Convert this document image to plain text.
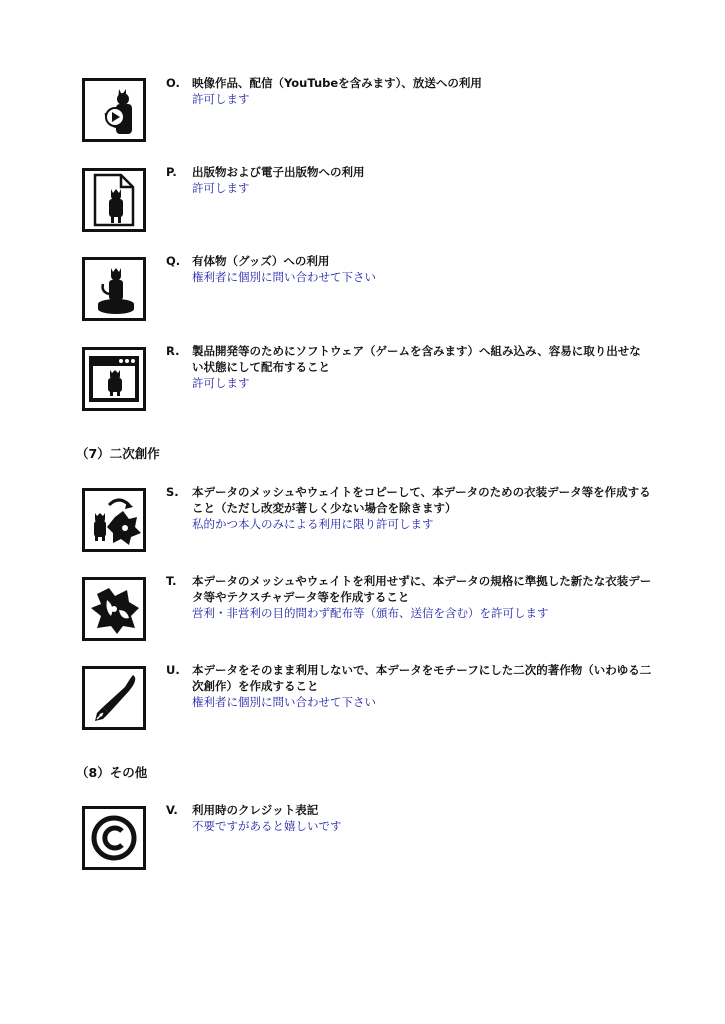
O. 映像作品、配信（YouTubeを含みます）、放送への利用
許可します
P. 出版物および電子出版物への利用
許可します
Q. 有体物（グッズ）への利用
権利者に個別に問い合わせて下さい
R. 製品開発等のためにソフトウェア（ゲームを含みます）へ組み込み、容易に取り出せない状態にして配布すること
許可します
（7）二次創作
S. 本データのメッシュやウェイトをコピーして、本データのための衣装データ等を作成すること（ただし改変が著しく少ない場合を除きます）
私的かつ本人のみによる利用に限り許可します
T. 本データのメッシュやウェイトを利用せずに、本データの規格に準拠した新たな衣装データ等やテクスチャデータ等を作成すること
営利・非営利の目的問わず配布等（頒布、送信を含む）を許可します
U. 本データをそのまま利用しないで、本データをモチーフにした二次的著作物（いわゆる二次創作）を作成すること
権利者に個別に問い合わせて下さい
（8）その他
V. 利用時のクレジット表記
不要ですがあると嬉しいです
